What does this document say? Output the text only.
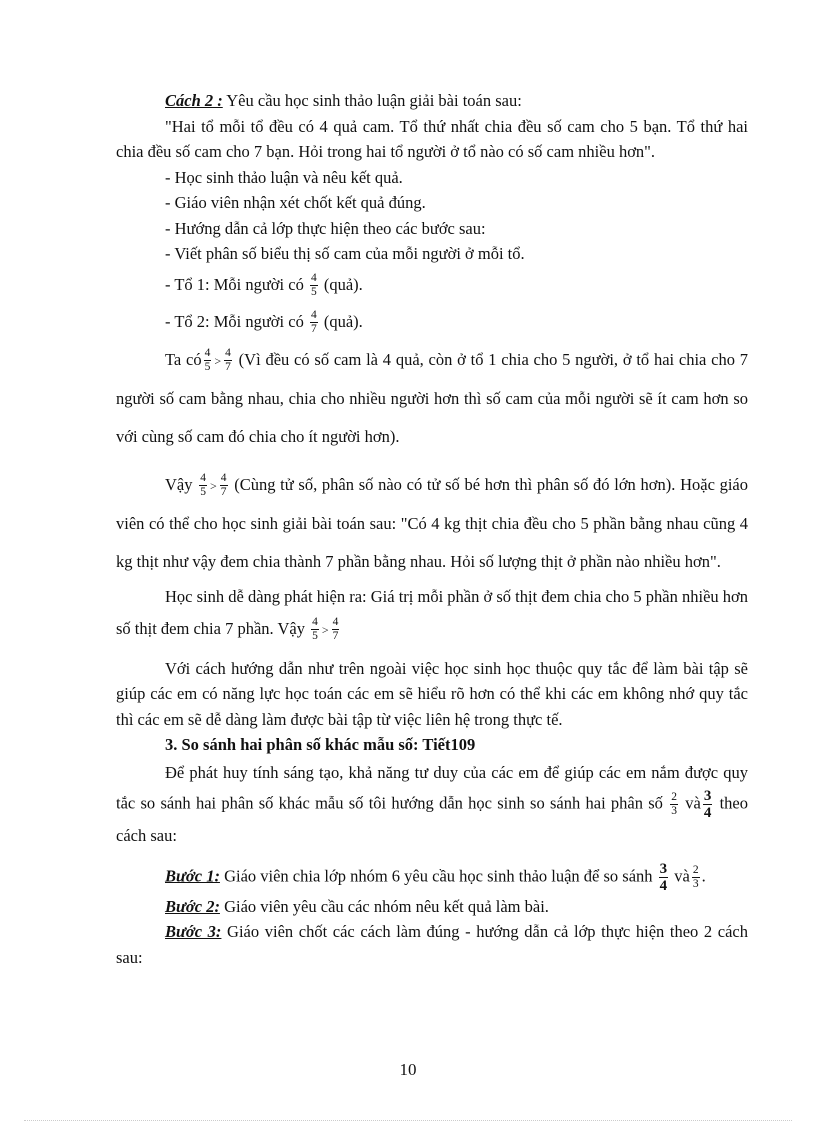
Cách 2 : Yêu cầu học sinh thảo luận giải bài toán sau:

"Hai tổ mỗi tổ đều có 4 quả cam. Tổ thứ nhất chia đều số cam cho 5 bạn. Tổ thứ hai chia đều số cam cho 7 bạn. Hỏi trong hai tổ người ở tổ nào có số cam nhiều hơn".

- Học sinh thảo luận và nêu kết quả.

- Giáo viên nhận xét chốt kết quả đúng.

- Hướng dẫn cả lớp thực hiện theo các bước sau:

- Viết phân số biểu thị số cam của mỗi người ở mỗi tổ.

- Tổ 1: Mỗi người có $\frac{4}{5}$ (quả).

- Tổ 2: Mỗi người có $\frac{4}{7}$ (quả).

Ta có $\frac{4}{5} > \frac{4}{7}$ (Vì đều có số cam là 4 quả, còn ở tổ 1 chia cho 5 người, ở tổ hai chia cho 7 người số cam bằng nhau, chia cho nhiều người hơn thì số cam của mỗi người sẽ ít cam hơn so với cùng số cam đó chia cho ít người hơn).

Vậy $\frac{4}{5} > \frac{4}{7}$ (Cùng tử số, phân số nào có tử số bé hơn thì phân số đó lớn hơn). Hoặc giáo viên có thể cho học sinh giải bài toán sau: "Có 4 kg thịt chia đều cho 5 phần bằng nhau cũng 4 kg thịt như vậy đem chia thành 7 phần bằng nhau. Hỏi số lượng thịt ở phần nào nhiều hơn".

Học sinh dễ dàng phát hiện ra: Giá trị mỗi phần ở số thịt đem chia cho 5 phần nhiều hơn số thịt đem chia 7 phần. Vậy $\frac{4}{5} > \frac{4}{7}$

Với cách hướng dẫn như trên ngoài việc học sinh học thuộc quy tắc để làm bài tập sẽ giúp các em có năng lực học toán các em sẽ hiểu rõ hơn có thể khi các em không nhớ quy tắc thì các em sẽ dễ dàng làm được bài tập từ việc liên hệ trong thực tế.

3. So sánh hai phân số khác mẫu số: Tiết109

Để phát huy tính sáng tạo, khả năng tư duy của các em để giúp các em nắm được quy tắc so sánh hai phân số khác mẫu số tôi hướng dẫn học sinh so sánh hai phân số $\frac{2}{3}$ và $\frac{3}{4}$ theo cách sau:

Bước 1: Giáo viên chia lớp nhóm 6 yêu cầu học sinh thảo luận để so sánh $\frac{3}{4}$ và $\frac{2}{3}$ .

Bước 2: Giáo viên yêu cầu các nhóm nêu kết quả làm bài.

Bước 3: Giáo viên chốt các cách làm đúng - hướng dẫn cả lớp thực hiện theo 2 cách sau:

10
